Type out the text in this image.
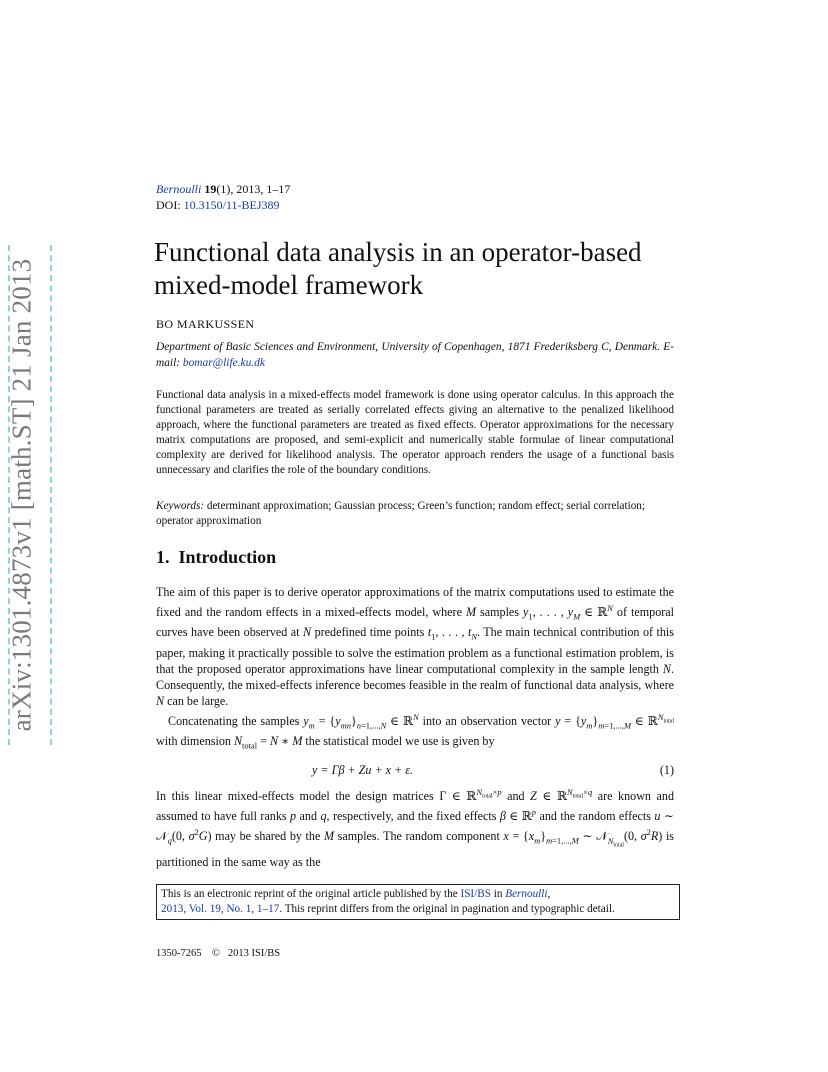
arXiv:1301.4873v1 [math.ST] 21 Jan 2013
Bernoulli 19(1), 2013, 1–17
DOI: 10.3150/11-BEJ389
Functional data analysis in an operator-based mixed-model framework
BO MARKUSSEN
Department of Basic Sciences and Environment, University of Copenhagen, 1871 Frederiksberg C, Denmark. E-mail: bomar@life.ku.dk
Functional data analysis in a mixed-effects model framework is done using operator calculus. In this approach the functional parameters are treated as serially correlated effects giving an alternative to the penalized likelihood approach, where the functional parameters are treated as fixed effects. Operator approximations for the necessary matrix computations are proposed, and semi-explicit and numerically stable formulae of linear computational complexity are derived for likelihood analysis. The operator approach renders the usage of a functional basis unnecessary and clarifies the role of the boundary conditions.
Keywords: determinant approximation; Gaussian process; Green’s function; random effect; serial correlation; operator approximation
1. Introduction

The aim of this paper is to derive operator approximations of the matrix computations used to estimate the fixed and the random effects in a mixed-effects model, where M samples $y_1$, . . . , $y_M$ ∈ ℝ$^N$ of temporal curves have been observed at N predefined time points $t_1$, . . . , $t_N$. The main technical contribution of this paper, making it practically possible to solve the estimation problem as a functional estimation problem, is that the proposed operator approximations have linear computational complexity in the sample length N. Consequently, the mixed-effects inference becomes feasible in the realm of functional data analysis, where N can be large.

Concatenating the samples $y_m = \{y_{mn}\}_{n=1,...,N}$ ∈ ℝ$^N$ into an observation vector $y = \{y_m\}_{m=1,...,M}$ ∈ ℝ$^{N_{total}}$ with dimension $N_{total} = N$ ∗ M the statistical model we use is given by

y = Γβ + Zu + x + ε.	(1)

In this linear mixed-effects model the design matrices Γ ∈ ℝ$^{N_{total}\times p}$ and Z ∈ ℝ$^{N_{total}\times q}$ are known and assumed to have full ranks p and q, respectively, and the fixed effects β ∈ ℝ$^p$ and the random effects u ∼ 𝒩$_q$(0, $\sigma^2G$) may be shared by the M samples. The random component $x = \{x_m\}_{m=1,...,M}$ ∼ 𝒩$_{N_{total}}$(0, $\sigma^2R$) is partitioned in the same way as the

This is an electronic reprint of the original article published by the ISI/BS in Bernoulli,
2013, Vol. 19, No. 1, 1–17. This reprint differs from the original in pagination and typographic detail.
1350-7265 © 2013 ISI/BS
